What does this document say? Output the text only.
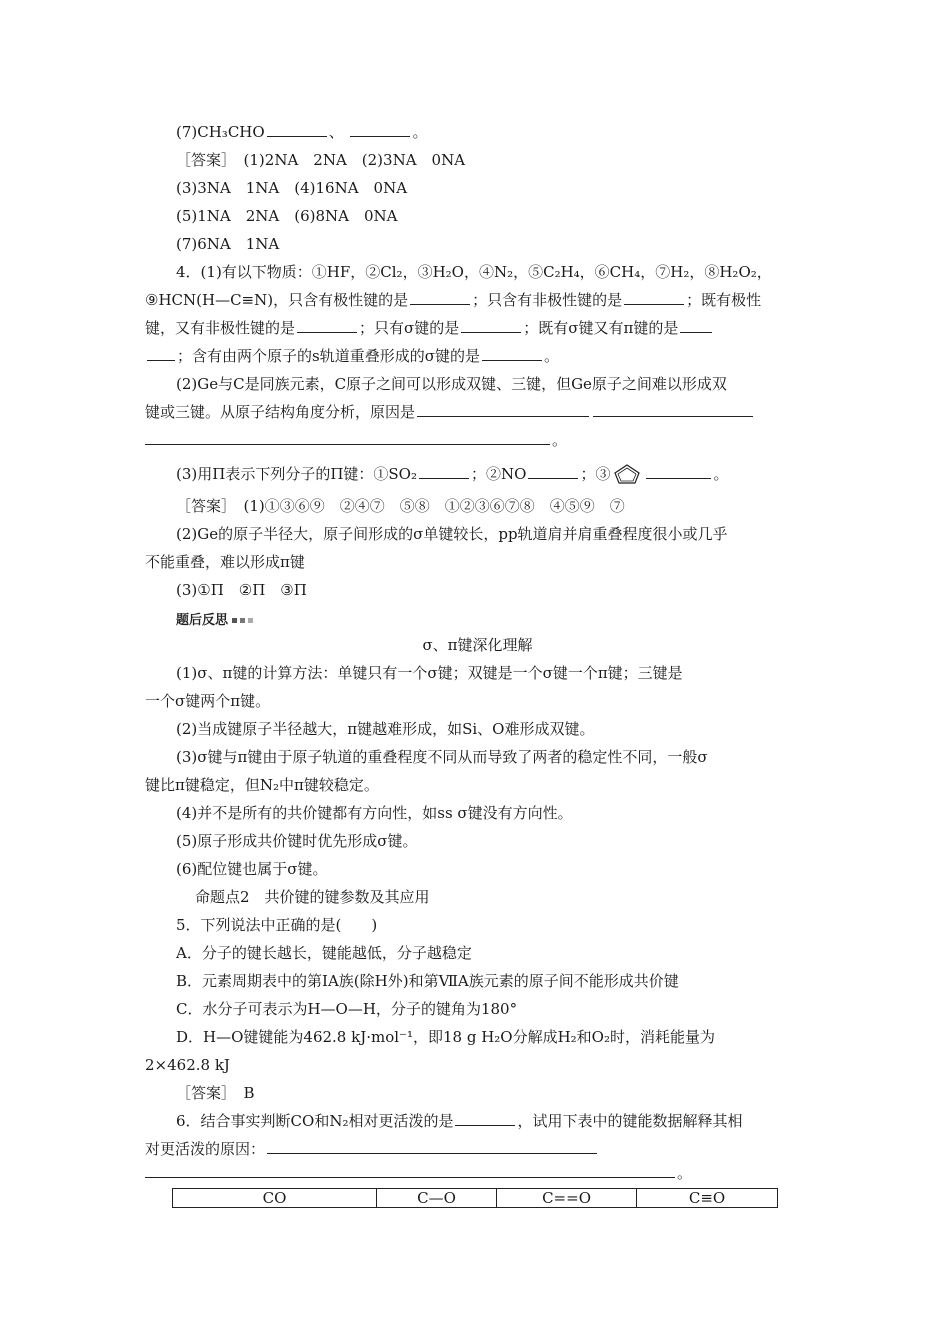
(7)CH₃CHO	、	。
［答案］　 (1)2NA　2NA　(2)3NA　0NA
(3)3NA　1NA　(4)16NA　0NA
(5)1NA　2NA　(6)8NA　0NA
(7)6NA　1NA
4．(1)有以下物质：①HF，②Cl₂，③H₂O，④N₂，⑤C₂H₄，⑥CH₄，⑦H₂，⑧H₂O₂，
⑨HCN(H—C≡N)，只含有极性键的是	；只含有非极性键的是	；既有极性
键，又有非极性键的是	；只有σ键的是	；既有σ键又有π键的是
；含有由两个原子的s轨道重叠形成的σ键的是	。
(2)Ge与C是同族元素，C原子之间可以形成双键、三键，但Ge原子之间难以形成双
键或三键。从原子结构角度分析，原因是
。
(3)用Π表示下列分子的Π键：①SO₂	；②NO	；③	。
［答案］　 (1)①③⑥⑨　②④⑦　⑤⑧　①②③⑥⑦⑧　④⑤⑨　⑦
(2)Ge的原子半径大，原子间形成的σ单键较长，pp轨道肩并肩重叠程度很小或几乎
不能重叠，难以形成π键
(3)①Π　②Π　③Π
题后反思
σ、π键深化理解
(1)σ、π键的计算方法：单键只有一个σ键；双键是一个σ键一个π键；三键是
一个σ键两个π键。
(2)当成键原子半径越大，π键越难形成，如Si、O难形成双键。
(3)σ键与π键由于原子轨道的重叠程度不同从而导致了两者的稳定性不同，一般σ
键比π键稳定，但N₂中π键较稳定。
(4)并不是所有的共价键都有方向性，如ss σ键没有方向性。
(5)原子形成共价键时优先形成σ键。
(6)配位键也属于σ键。
命题点2　共价键的键参数及其应用
5．下列说法中正确的是(　　)
A．分子的键长越长，键能越低，分子越稳定
B．元素周期表中的第ⅠA族(除H外)和第ⅦA族元素的原子间不能形成共价键
C．水分子可表示为H—O—H，分子的键角为180°
D．H—O键键能为462.8 kJ·mol⁻¹，即18 g H₂O分解成H₂和O₂时，消耗能量为
2×462.8 kJ
［答案］　 B
6．结合事实判断CO和N₂相对更活泼的是	，试用下表中的键能数据解释其相
对更活泼的原因：
。
CO	C—O	C==O	C≡O
